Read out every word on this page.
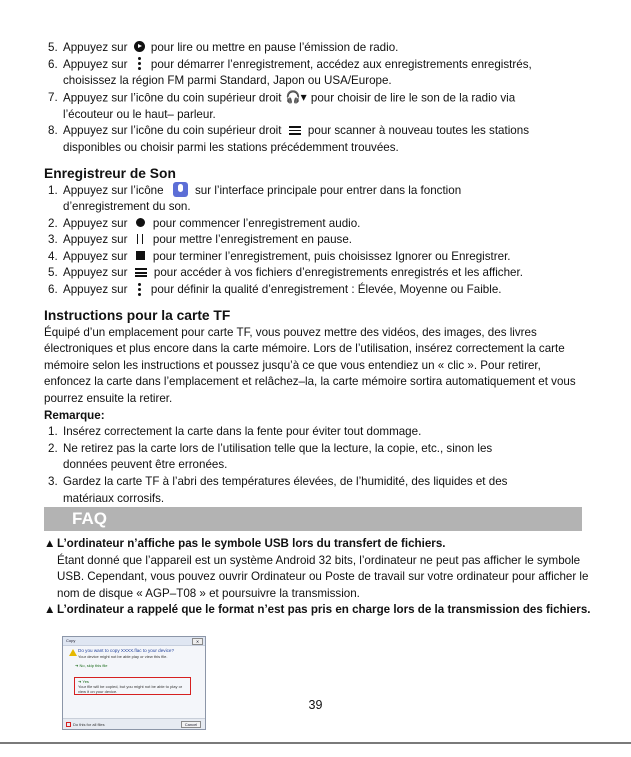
5. Appuyez sur  pour lire ou mettre en pause l’émission de radio.
6. Appuyez sur
pour démarrer l’enregistrement, accédez aux enregistrements enregistrés,
choisissez la région FM parmi Standard, Japon ou USA/Europe.
7. Appuyez sur l’icône du coin supérieur droit 🎧▾ pour choisir de lire le son de la radio via
l’écouteur ou le haut– parleur.
8. Appuyez sur l’icône du coin supérieur droit
pour scanner à nouveau toutes les stations
disponibles ou choisir parmi les stations précédemment trouvées.
Enregistreur de Son
1. Appuyez sur l’icône  sur l’interface principale pour entrer dans la fonction
d’enregistrement du son.
2. Appuyez sur  pour commencer l’enregistrement audio.
3. Appuyez sur  pour mettre l’enregistrement en pause.
4. Appuyez sur  pour terminer l’enregistrement, puis choisissez Ignorer ou Enregistrer.
5. Appuyez sur
pour accéder à vos fichiers d’enregistrements enregistrés et les afficher.
6. Appuyez sur
pour définir la qualité d’enregistrement : Élevée, Moyenne ou Faible.
Instructions pour la carte TF

Équipé d’un emplacement pour carte TF, vous pouvez mettre des vidéos, des images, des livres électroniques et plus encore dans la carte mémoire. Lors de l’utilisation, insérez correctement la carte mémoire selon les instructions et poussez jusqu’à ce que vous entendiez un « clic ». Pour retirer, enfoncez la carte dans l’emplacement et relâchez–la, la carte mémoire sortira automatiquement et vous pourrez ensuite la retirer.

Remarque:

1. Insérez correctement la carte dans la fente pour éviter tout dommage.
2. Ne retirez pas la carte lors de l’utilisation telle que la lecture, la copie, etc., sinon les
données peuvent être erronées.
3. Gardez la carte TF à l’abri des températures élevées, de l’humidité, des liquides et des
matériaux corrosifs.
FAQ

▲ L’ordinateur n’affiche pas le symbole USB lors du transfert de fichiers.

Étant donné que l’appareil est un système Android 32 bits, l’ordinateur ne peut pas afficher le symbole USB. Cependant, vous pouvez ouvrir Ordinateur ou Poste de travail sur votre ordinateur pour afficher le nom de disque « AGP–T08 » et poursuivre la transmission.

▲ L’ordinateur a rappelé que le format n’est pas pris en charge lors de la transmission des fichiers.

Copy	✕
Do you want to copy XXXX.flac to your device?
Your device might not be able play or view this file.
➜ No, skip this file
➜ Yes
Your file will be copied, but you might not be able to play or view it on your device.
Do this for all files	Cancel
39
